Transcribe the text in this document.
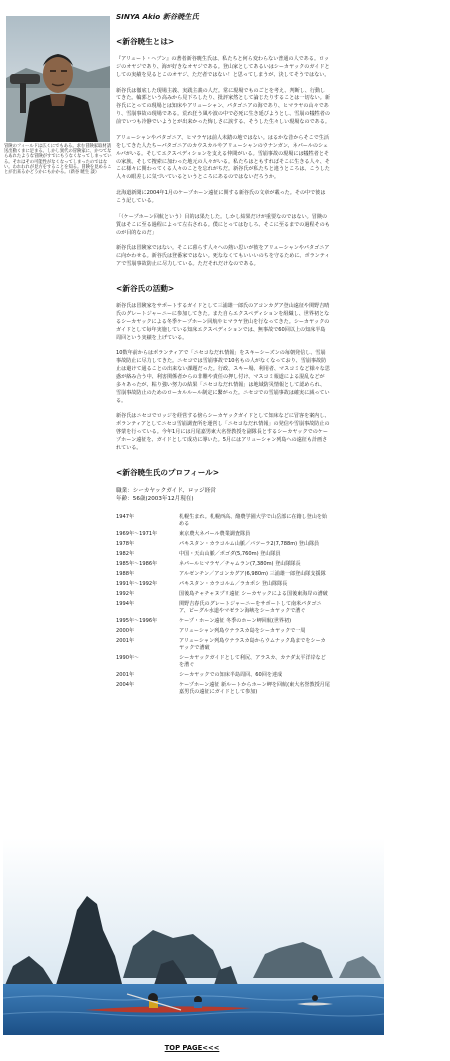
冒険のフィールドは広くにでもある。求む冒険家取材請送出動くまに足まる。しかし異代の冒険家に、かつてならあれたような冒険がすでにもうなくなってしまっている。それはその可能性がなくなってしまったのではない。われわれが見方をすることを知る。冒険を見めることが出来るかどうかにもかかる。（新谷 暁生 談）
SINYA Akio 新谷暁生氏
<新谷暁生とは>

『アリュート・ヘブン』の著者新谷暁生氏は、私たちと何ら変わらない普通の人である。ロッジのオヤジであり、海が好きなオヤジである。登山家としてあるいはシーカヤックのガイドとしての実績を見るとこのオヤジ、ただ者ではない！と思ってしまうが、決してそうではない。

新谷氏は徹底した現場主義、実践主義の人だ。常に現場でものごとを考え、判断し、行動してきた。輪郭という高みから見下ろしたり、批評家然として論じたりすることは一切ない。新谷氏にとっての現場とは知床やアリューシャン、パタゴニアの海であり、ヒマラヤの山々であり、雪崩事故の現場である。荒れ狂う風や波の中で必死に生き延びようとし、雪崩の犠牲者の前でいつも冷静でいようとが出来かった悔しさに涙する、そうした生々しい現場なのである。

アリューシャンやパタゴニア、ヒマラヤは前人未踏の地ではない。はるかな昔からそこで生活をしてきた人たちーパタゴニアのカウスカルやアリューシャンのウナンガン、ネパールのシェルパがいる。そしてエクスペディションを支える仲間がいる。雪崩事故の現場には犠牲者とその家族、そして捜索に加わった地元の人々がいる。私たちはともすればそこに生きる人々、そこに様々に関わってくる人々のことを忘れがちだ。新谷氏が私たちと違うところは、こうした人々の眼差しに気づいているというところにあるのではないだろうか。

北海道新聞に2004年1月のケープホーン遠征に関する新谷氏の文章が載った。その中で彼はこう記している。

「（ケープホーン回航という）目的は果たした。しかし結果だけが重要なのではない。冒険の質はそこに至る過程によって左右される。僕にとってはむしろ、そこに至るまでの過程そのものが目的なのだ」

新谷氏は冒険家ではない。そこに暮らす人々への熱い思いが彼をアリューシャンやパタゴニアに向かわせる。新谷氏は登番家ではない。死ななくてもいいいのちを守るために、ボランティアで雪崩事故防止に尽力している。ただそれだけなのである。

<新谷氏の活動>

新谷氏は冒険家をサポートするガイドとして三浦雄一郎氏のアコンカグア登山遠征や関野吉晴氏のグレートジャーニーに参加してきた。また自らエクスペディションを組織し、世界初となるシーカヤックによる冬季ケープホーン回航やヒマラヤ登山を行なってきた。シーカヤックのガイドとして毎年実施している知床エクスペディションでは、無事故で60回以上の知床半島周回という実績を上げている。

10数年前からはボランティアで「ニセコなだれ情報」をスキーシーズンの毎朝発信し、雪崩事故防止に尽力してきた。ニセコでは雪崩事故で10名もの人がなくなっており、雪崩事故防止は避けて通ることの出来ない課題だった。行政、スキー場、利用者、マスコミなど様々な思惑が絡み合う中、利害関係者からの非難や責任の押し付け、マスコミ報道による混乱などが多々あったが、粘り強い努力の結果「ニセコなだれ情報」は地域防災情報として認められ、雪崩事故防止のためのローカルルール制定に繋がった。ニセコでの雪崩事故は確実に減っている。

新谷氏はニセコでロッジを経営する傍らシーカヤックガイドとして知床などに冒客を案内し、ボランティアとしてニセコ雪崩調査所を運営し「ニセコなだれ情報」の発信や雪崩事故防止の啓蒙を行っている。今年1月には月尾嘉男東大名誉教授を副隊長とするシーカヤックでのケープホーン遠征を、ガイドとして成功に導いた。5月にはアリューシャン列島への遠征も計画されている。

<新谷暁生氏のプロフィール>
職業：シーカヤックガイド、ロッジ経営
年齢：56歳(2003年12月現在)
1947年	札幌生まれ。札幌西高、酪農学園大学で山岳部に在籍し登山を始める
1969年〜1971年	東京農大ネパール農業調査隊員
1978年	パキスタン・カラコルム山脈／バツーラ2(7,788m) 登山隊員
1982年	中国・天山山脈／ボゴダ(5,760m) 登山隊員
1985年〜1986年	ネパールヒマラヤ／チャムラン(7,380m) 登山隊隊長
1988年	アルゼンチン／アコンカグア(6,980m) 三浦雄一郎登山隊支援隊
1991年〜1992年	パキスタン・カラコルム／ラカポシ 登山隊隊長
1992年	国後島チャチャヌプリ遠征 シーカヤックによる国後東海岸の漕破
1994年	関野吉春氏のグレートジャーニーをサポートして南米パタゴニア、ビーグル水道やマゼラン海峡をシーカヤックで漕ぐ
1995年〜1996年	ケープ・ホーン遠征 冬季のホーン岬回航(世界初)
2000年	アリューシャン列島ウナラスカ島をシーカヤックで一周
2001年	アリューシャン列島ウナラスカ島からウムナック島までをシーカヤックで漕破
1990年〜	シーカヤックガイドとして利尻、アラスカ、カナダ太平洋岸などを漕ぐ
2001年	シーカヤックでの知床半島周回、60回を達成
2004年	ケープホーン遠征 新ルートからホーン岬を回航(東大名誉教授月尾嘉男氏の遠征にガイドとして参加)
TOP PAGE<<<
